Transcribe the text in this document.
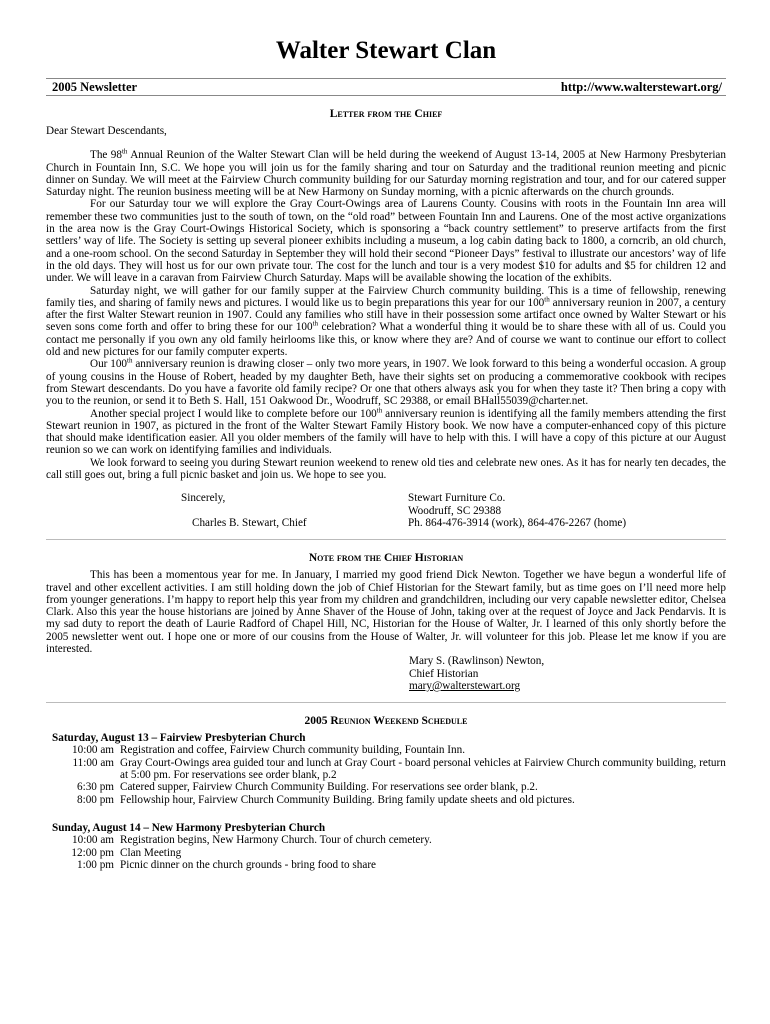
Walter Stewart Clan
2005 Newsletter	http://www.walterstewart.org/
Letter from the Chief

Dear Stewart Descendants,

The 98th Annual Reunion of the Walter Stewart Clan will be held during the weekend of August 13-14, 2005 at New Harmony Presbyterian Church in Fountain Inn, S.C. We hope you will join us for the family sharing and tour on Saturday and the traditional reunion meeting and picnic dinner on Sunday. We will meet at the Fairview Church community building for our Saturday morning registration and tour, and for our catered supper Saturday night. The reunion business meeting will be at New Harmony on Sunday morning, with a picnic afterwards on the church grounds.

For our Saturday tour we will explore the Gray Court-Owings area of Laurens County. Cousins with roots in the Fountain Inn area will remember these two communities just to the south of town, on the “old road” between Fountain Inn and Laurens. One of the most active organizations in the area now is the Gray Court-Owings Historical Society, which is sponsoring a “back country settlement” to preserve artifacts from the first settlers’ way of life. The Society is setting up several pioneer exhibits including a museum, a log cabin dating back to 1800, a corncrib, an old church, and a one-room school. On the second Saturday in September they will hold their second “Pioneer Days” festival to illustrate our ancestors’ way of life in the old days. They will host us for our own private tour. The cost for the lunch and tour is a very modest $10 for adults and $5 for children 12 and under. We will leave in a caravan from Fairview Church Saturday. Maps will be available showing the location of the exhibits.

Saturday night, we will gather for our family supper at the Fairview Church community building. This is a time of fellowship, renewing family ties, and sharing of family news and pictures. I would like us to begin preparations this year for our 100th anniversary reunion in 2007, a century after the first Walter Stewart reunion in 1907. Could any families who still have in their possession some artifact once owned by Walter Stewart or his seven sons come forth and offer to bring these for our 100th celebration? What a wonderful thing it would be to share these with all of us. Could you contact me personally if you own any old family heirlooms like this, or know where they are? And of course we want to continue our effort to collect old and new pictures for our family computer experts.

Our 100th anniversary reunion is drawing closer – only two more years, in 1907. We look forward to this being a wonderful occasion. A group of young cousins in the House of Robert, headed by my daughter Beth, have their sights set on producing a commemorative cookbook with recipes from Stewart descendants. Do you have a favorite old family recipe? Or one that others always ask you for when they taste it? Then bring a copy with you to the reunion, or send it to Beth S. Hall, 151 Oakwood Dr., Woodruff, SC 29388, or email BHall55039@charter.net.

Another special project I would like to complete before our 100th anniversary reunion is identifying all the family members attending the first Stewart reunion in 1907, as pictured in the front of the Walter Stewart Family History book. We now have a computer-enhanced copy of this picture that should make identification easier. All you older members of the family will have to help with this. I will have a copy of this picture at our August reunion so we can work on identifying families and individuals.

We look forward to seeing you during Stewart reunion weekend to renew old ties and celebrate new ones. As it has for nearly ten decades, the call still goes out, bring a full picnic basket and join us. We hope to see you.

Sincerely,
Charles B. Stewart, Chief
Stewart Furniture Co.
Woodruff, SC 29388
Ph. 864-476-3914 (work), 864-476-2267 (home)
Note from the Chief Historian

This has been a momentous year for me. In January, I married my good friend Dick Newton. Together we have begun a wonderful life of travel and other excellent activities. I am still holding down the job of Chief Historian for the Stewart family, but as time goes on I’ll need more help from younger generations. I’m happy to report help this year from my children and grandchildren, including our very capable newsletter editor, Chelsea Clark. Also this year the house historians are joined by Anne Shaver of the House of John, taking over at the request of Joyce and Jack Pendarvis. It is my sad duty to report the death of Laurie Radford of Chapel Hill, NC, Historian for the House of Walter, Jr. I learned of this only shortly before the 2005 newsletter went out. I hope one or more of our cousins from the House of Walter, Jr. will volunteer for this job. Please let me know if you are interested.

Mary S. (Rawlinson) Newton,
Chief Historian
mary@walterstewart.org
2005 Reunion Weekend Schedule
Saturday, August 13 – Fairview Presbyterian Church
10:00 am Registration and coffee, Fairview Church community building, Fountain Inn.
11:00 am Gray Court-Owings area guided tour and lunch at Gray Court - board personal vehicles at Fairview Church community building, return at 5:00 pm. For reservations see order blank, p.2
6:30 pm Catered supper, Fairview Church Community Building. For reservations see order blank, p.2.
8:00 pm Fellowship hour, Fairview Church Community Building. Bring family update sheets and old pictures.
Sunday, August 14 – New Harmony Presbyterian Church
10:00 am Registration begins, New Harmony Church. Tour of church cemetery.
12:00 pm Clan Meeting
1:00 pm Picnic dinner on the church grounds - bring food to share
